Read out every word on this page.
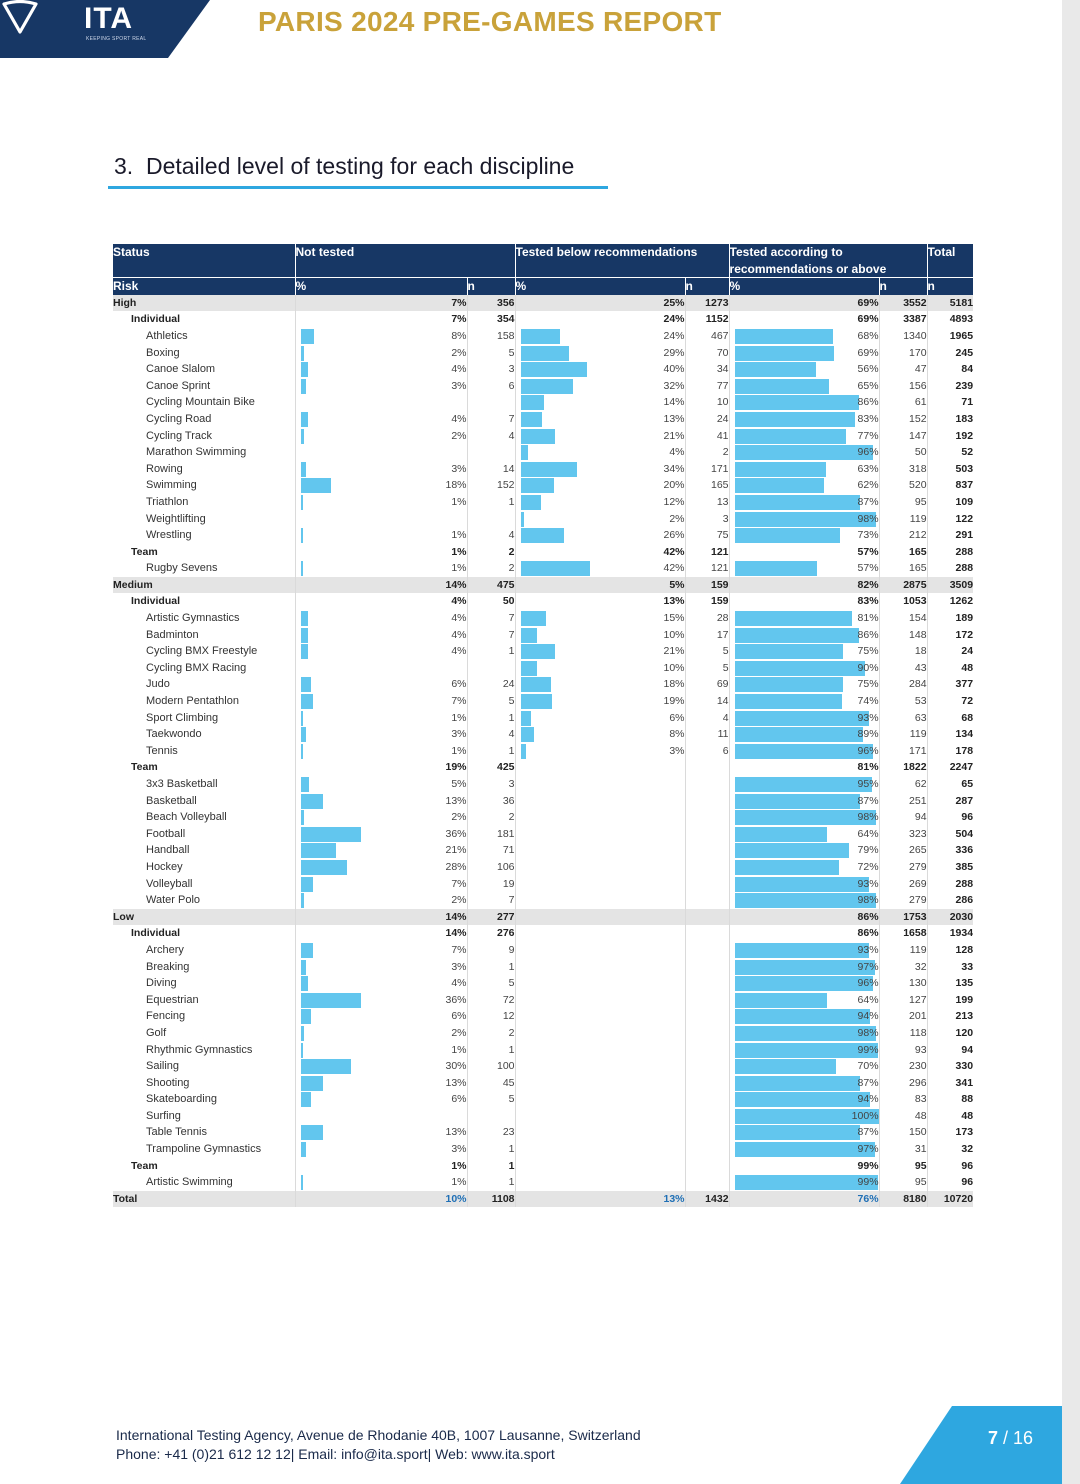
ITA
KEEPING SPORT REAL
PARIS 2024 PRE-GAMES REPORT
3. Detailed level of testing for each discipline
Status	Not tested		Tested below recommendations		Tested according to recommendations or above		Total
Risk	%	n	%	n	%	n	n
High	7%	356	25%	1273	69%	3552	5181
Individual	7%	354	24%	1152	69%	3387	4893
Athletics	8%	158	24%	467	68%	1340	1965
Boxing	2%	5	29%	70	69%	170	245
Canoe Slalom	4%	3	40%	34	56%	47	84
Canoe Sprint	3%	6	32%	77	65%	156	239
Cycling Mountain Bike			14%	10	86%	61	71
Cycling Road	4%	7	13%	24	83%	152	183
Cycling Track	2%	4	21%	41	77%	147	192
Marathon Swimming			4%	2	96%	50	52
Rowing	3%	14	34%	171	63%	318	503
Swimming	18%	152	20%	165	62%	520	837
Triathlon	1%	1	12%	13	87%	95	109
Weightlifting			2%	3	98%	119	122
Wrestling	1%	4	26%	75	73%	212	291
Team	1%	2	42%	121	57%	165	288
Rugby Sevens	1%	2	42%	121	57%	165	288
Medium	14%	475	5%	159	82%	2875	3509
Individual	4%	50	13%	159	83%	1053	1262
Artistic Gymnastics	4%	7	15%	28	81%	154	189
Badminton	4%	7	10%	17	86%	148	172
Cycling BMX Freestyle	4%	1	21%	5	75%	18	24
Cycling BMX Racing			10%	5	90%	43	48
Judo	6%	24	18%	69	75%	284	377
Modern Pentathlon	7%	5	19%	14	74%	53	72
Sport Climbing	1%	1	6%	4	93%	63	68
Taekwondo	3%	4	8%	11	89%	119	134
Tennis	1%	1	3%	6	96%	171	178
Team	19%	425			81%	1822	2247
3x3 Basketball	5%	3			95%	62	65
Basketball	13%	36			87%	251	287
Beach Volleyball	2%	2			98%	94	96
Football	36%	181			64%	323	504
Handball	21%	71			79%	265	336
Hockey	28%	106			72%	279	385
Volleyball	7%	19			93%	269	288
Water Polo	2%	7			98%	279	286
Low	14%	277			86%	1753	2030
Individual	14%	276			86%	1658	1934
Archery	7%	9			93%	119	128
Breaking	3%	1			97%	32	33
Diving	4%	5			96%	130	135
Equestrian	36%	72			64%	127	199
Fencing	6%	12			94%	201	213
Golf	2%	2			98%	118	120
Rhythmic Gymnastics	1%	1			99%	93	94
Sailing	30%	100			70%	230	330
Shooting	13%	45			87%	296	341
Skateboarding	6%	5			94%	83	88
Surfing					100%	48	48
Table Tennis	13%	23			87%	150	173
Trampoline Gymnastics	3%	1			97%	31	32
Team	1%	1			99%	95	96
Artistic Swimming	1%	1			99%	95	96
Total	10%	1108	13%	1432	76%	8180	10720
International Testing Agency, Avenue de Rhodanie 40B, 1007 Lausanne, Switzerland
Phone: +41 (0)21 612 12 12| Email: info@ita.sport| Web: www.ita.sport
7 / 16
